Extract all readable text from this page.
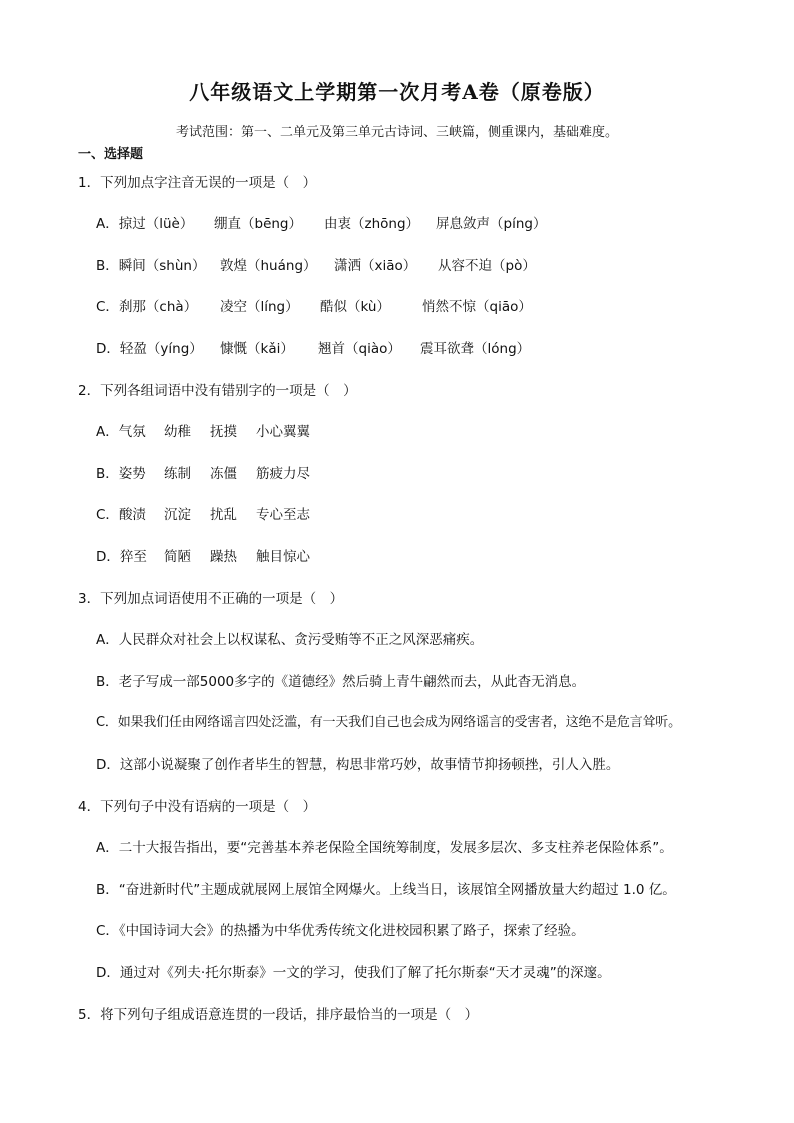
八年级语文上学期第一次月考A卷（原卷版）
考试范围：第一、二单元及第三单元古诗词、三峡篇，侧重课内，基础难度。
一、选择题
1．下列加点字注音无误的一项是（　）
A．掠过（lüè） 绷直（bēng） 由衷（zhōng） 屏息敛声（píng）
B．瞬间（shùn） 敦煌（huáng） 潇洒（xiāo） 从容不迫（pò）
C．刹那（chà） 凌空（líng） 酷似（kù） 悄然不惊（qiāo）
D．轻盈（yíng） 慷慨（kǎi） 翘首（qiào） 震耳欲聋（lóng）
2．下列各组词语中没有错别字的一项是（　）
A．气氛 幼稚 抚摸 小心翼翼
B．姿势 练制 冻僵 筋疲力尽
C．酸渍 沉淀 扰乱 专心至志
D．猝至 简陋 躁热 触目惊心
3．下列加点词语使用不正确的一项是（　）
A．人民群众对社会上以权谋私、贪污受贿等不正之风深恶痛疾。
B．老子写成一部5000多字的《道德经》然后骑上青牛翩然而去，从此杳无消息。
C．如果我们任由网络谣言四处泛滥，有一天我们自己也会成为网络谣言的受害者，这绝不是危言耸听。
D．这部小说凝聚了创作者毕生的智慧，构思非常巧妙，故事情节抑扬顿挫，引人入胜。
4．下列句子中没有语病的一项是（　）
A．二十大报告指出，要“完善基本养老保险全国统筹制度，发展多层次、多支柱养老保险体系”。
B．“奋进新时代”主题成就展网上展馆全网爆火。上线当日，该展馆全网播放量大约超过 1.0 亿。
C．《中国诗词大会》的热播为中华优秀传统文化进校园积累了路子，探索了经验。
D．通过对《列夫·托尔斯泰》一文的学习，使我们了解了托尔斯泰“天才灵魂”的深邃。
5．将下列句子组成语意连贯的一段话，排序最恰当的一项是（　）
